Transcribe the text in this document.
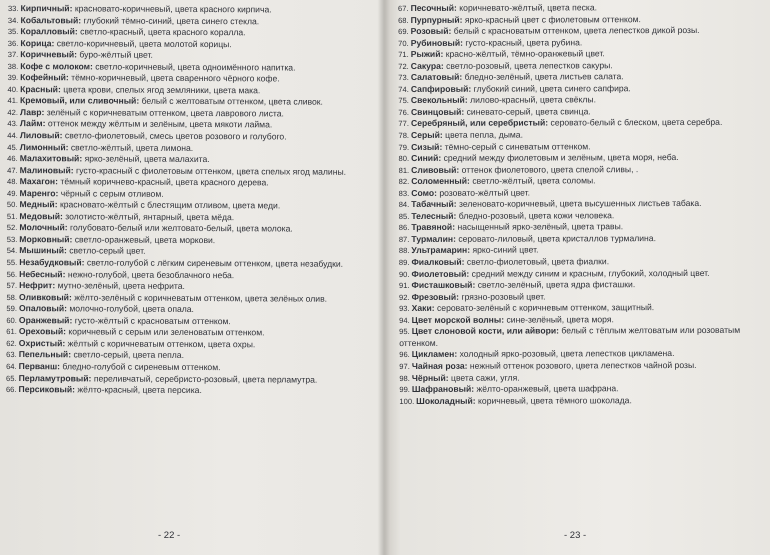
33. Кирпичный: красновато-коричневый, цвета красного кирпича.
34. Кобальтовый: глубокий тёмно-синий, цвета синего стекла.
35. Коралловый: светло-красный, цвета красного коралла.
36. Корица: светло-коричневый, цвета молотой корицы.
37. Коричневый: буро-жёлтый цвет.
38. Кофе с молоком: светло-коричневый, цвета одноимённого напитка.
39. Кофейный: тёмно-коричневый, цвета сваренного чёрного кофе.
40. Красный: цвета крови, спелых ягод земляники, цвета мака.
41. Кремовый, или сливочный: белый с желтоватым оттенком, цвета сливок.
42. Лавр: зелёный с коричневатым оттенком, цвета лаврового листа.
43. Лайм: оттенок между жёлтым и зелёным, цвета мякоти лайма.
44. Лиловый: светло-фиолетовый, смесь цветов розового и голубого.
45. Лимонный: светло-жёлтый, цвета лимона.
46. Малахитовый: ярко-зелёный, цвета малахита.
47. Малиновый: густо-красный с фиолетовым оттенком, цвета спелых ягод малины.
48. Махагон: тёмный коричнево-красный, цвета красного дерева.
49. Маренго: чёрный с серым отливом.
50. Медный: красновато-жёлтый с блестящим отливом, цвета меди.
51. Медовый: золотисто-жёлтый, янтарный, цвета мёда.
52. Молочный: голубовато-белый или желтовато-белый, цвета молока.
53. Морковный: светло-оранжевый, цвета моркови.
54. Мышиный: светло-серый цвет.
55. Незабудковый: светло-голубой с лёгким сиреневым оттенком, цвета незабудки.
56. Небесный: нежно-голубой, цвета безоблачного неба.
57. Нефрит: мутно-зелёный, цвета нефрита.
58. Оливковый: жёлто-зелёный с коричневатым оттенком, цвета зелёных олив.
59. Опаловый: молочно-голубой, цвета опала.
60. Оранжевый: густо-жёлтый с красноватым оттенком.
61. Ореховый: коричневый с серым или зеленоватым оттенком.
62. Охристый: жёлтый с коричневатым оттенком, цвета охры.
63. Пепельный: светло-серый, цвета пепла.
64. Перванш: бледно-голубой с сиреневым оттенком.
65. Перламутровый: переливчатый, серебристо-розовый, цвета перламутра.
66. Персиковый: жёлто-красный, цвета персика.
- 22 -
67. Песочный: коричневато-жёлтый, цвета песка.
68. Пурпурный: ярко-красный цвет с фиолетовым оттенком.
69. Розовый: белый с красноватым оттенком, цвета лепестков дикой розы.
70. Рубиновый: густо-красный, цвета рубина.
71. Рыжий: красно-жёлтый, тёмно-оранжевый цвет.
72. Сакура: светло-розовый, цвета лепестков сакуры.
73. Салатовый: бледно-зелёный, цвета листьев салата.
74. Сапфировый: глубокий синий, цвета синего сапфира.
75. Свекольный: лилово-красный, цвета свёклы.
76. Свинцовый: синевато-серый, цвета свинца.
77. Серебряный, или серебристый: серовато-белый с блеском, цвета серебра.
78. Серый: цвета пепла, дыма.
79. Сизый: тёмно-серый с синеватым оттенком.
80. Синий: средний между фиолетовым и зелёным, цвета моря, неба.
81. Сливовый: оттенок фиолетового, цвета спелой сливы, .
82. Соломенный: светло-жёлтый, цвета соломы.
83. Сомо: розовато-жёлтый цвет.
84. Табачный: зеленовато-коричневый, цвета высушенных листьев табака.
85. Телесный: бледно-розовый, цвета кожи человека.
86. Травяной: насыщенный ярко-зелёный, цвета травы.
87. Турмалин: серовато-лиловый, цвета кристаллов турмалина.
88. Ультрамарин: ярко-синий цвет.
89. Фиалковый: светло-фиолетовый, цвета фиалки.
90. Фиолетовый: средний между синим и красным, глубокий, холодный цвет.
91. Фисташковый: светло-зелёный, цвета ядра фисташки.
92. Фрезовый: грязно-розовый цвет.
93. Хаки: серовато-зелёный с коричневым оттенком, защитный.
94. Цвет морской волны: сине-зелёный, цвета моря.
95. Цвет слоновой кости, или айвори: белый с тёплым желтоватым или розоватым оттенком.
96. Цикламен: холодный ярко-розовый, цвета лепестков цикламена.
97. Чайная роза: нежный оттенок розового, цвета лепестков чайной розы.
98. Чёрный: цвета сажи, угля.
99. Шафрановый: жёлто-оранжевый, цвета шафрана.
100. Шоколадный: коричневый, цвета тёмного шоколада.
- 23 -
